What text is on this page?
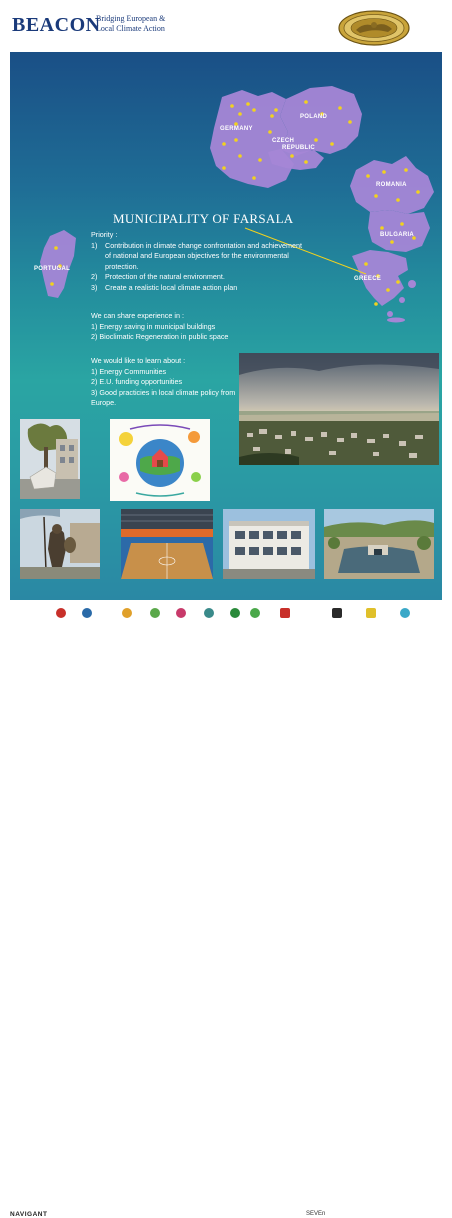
BEACON
Bridging European &
Local Climate Action
GERMANY
POLAND
CZECH
REPUBLIC
ROMANIA
BULGARIA
PORTUGAL
GREECE
MUNICIPALITY OF FARSALA
Priority :
1)	Contribution in climate change confrontation and achievement of national and European objectives for the environmental protection.
2)	Protection of the natural environment.
3)	Create a realistic local climate action plan
We can share experience in :
1) Energy saving in municipal buildings
2) Bioclimatic Regeneration in public space
We would like to learn about :
1) Energy Communities
2) E.U. funding opportunities
3) Good practicies in local climate policy from Europe.
NAVIGANT	SEVEn
